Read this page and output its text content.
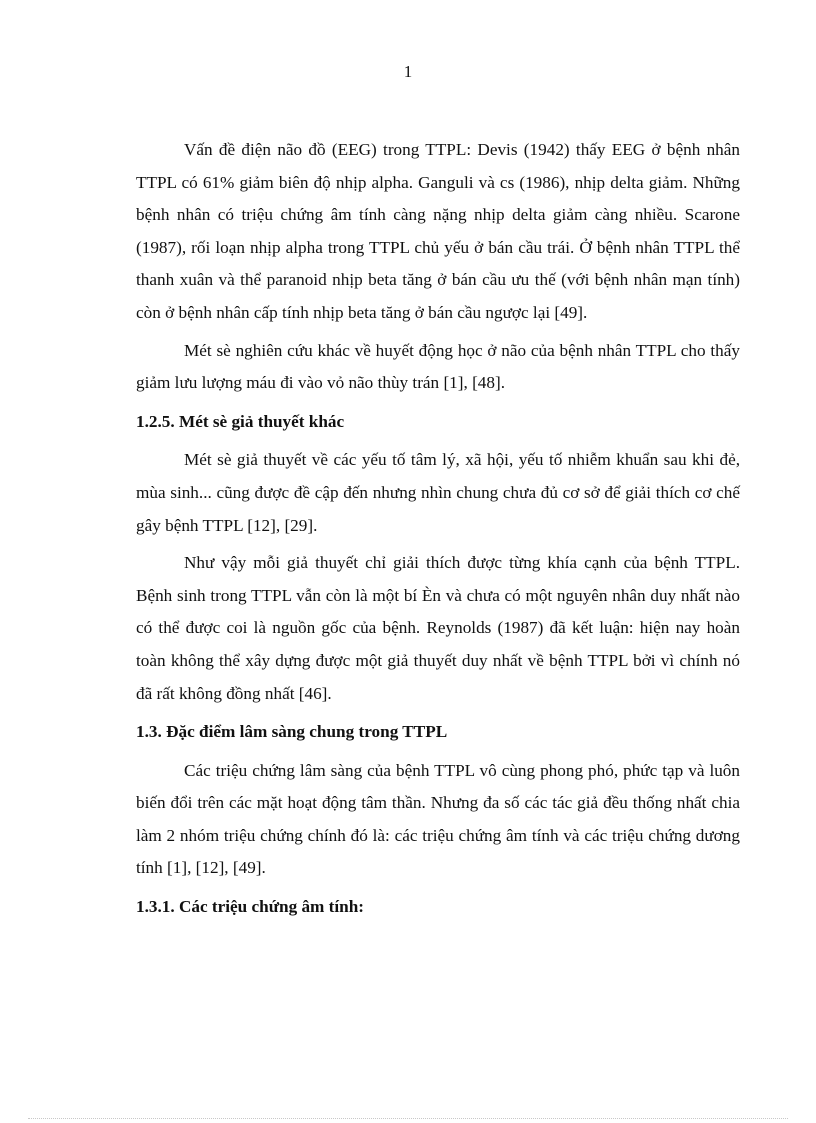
1

Vấn đề điện não đồ (EEG) trong TTPL: Devis (1942) thấy EEG ở bệnh nhân TTPL có 61% giảm biên độ nhịp alpha. Ganguli và cs (1986), nhịp delta giảm. Những bệnh nhân có triệu chứng âm tính càng nặng nhịp delta giảm càng nhiều. Scarone (1987), rối loạn nhịp alpha trong TTPL chủ yếu ở bán cầu trái. Ở bệnh nhân TTPL thể thanh xuân và thể paranoid nhịp beta tăng ở bán cầu ưu thế (với bệnh nhân mạn tính) còn ở bệnh nhân cấp tính nhịp beta tăng ở bán cầu ngược lại [49].

Mét sè nghiên cứu khác về huyết động học ở não của bệnh nhân TTPL cho thấy giảm lưu lượng máu đi vào vỏ não thùy trán [1], [48].

1.2.5. Mét sè giả thuyết khác

Mét sè giả thuyết về các yếu tố tâm lý, xã hội, yếu tố nhiễm khuẩn sau khi đẻ, mùa sinh... cũng được đề cập đến nhưng nhìn chung chưa đủ cơ sở để giải thích cơ chế gây bệnh TTPL [12], [29].

Như vậy mỗi giả thuyết chỉ giải thích được từng khía cạnh của bệnh TTPL. Bệnh sinh trong TTPL vẫn còn là một bí Èn và chưa có một nguyên nhân duy nhất nào có thể được coi là nguồn gốc của bệnh. Reynolds (1987) đã kết luận: hiện nay hoàn toàn không thể xây dựng được một giả thuyết duy nhất về bệnh TTPL bởi vì chính nó đã rất không đồng nhất [46].

1.3. Đặc điểm lâm sàng chung trong TTPL

Các triệu chứng lâm sàng của bệnh TTPL vô cùng phong phó, phức tạp và luôn biến đổi trên các mặt hoạt động tâm thần. Nhưng đa số các tác giả đều thống nhất chia làm 2 nhóm triệu chứng chính đó là: các triệu chứng âm tính và các triệu chứng dương tính [1], [12], [49].

1.3.1. Các triệu chứng âm tính:
